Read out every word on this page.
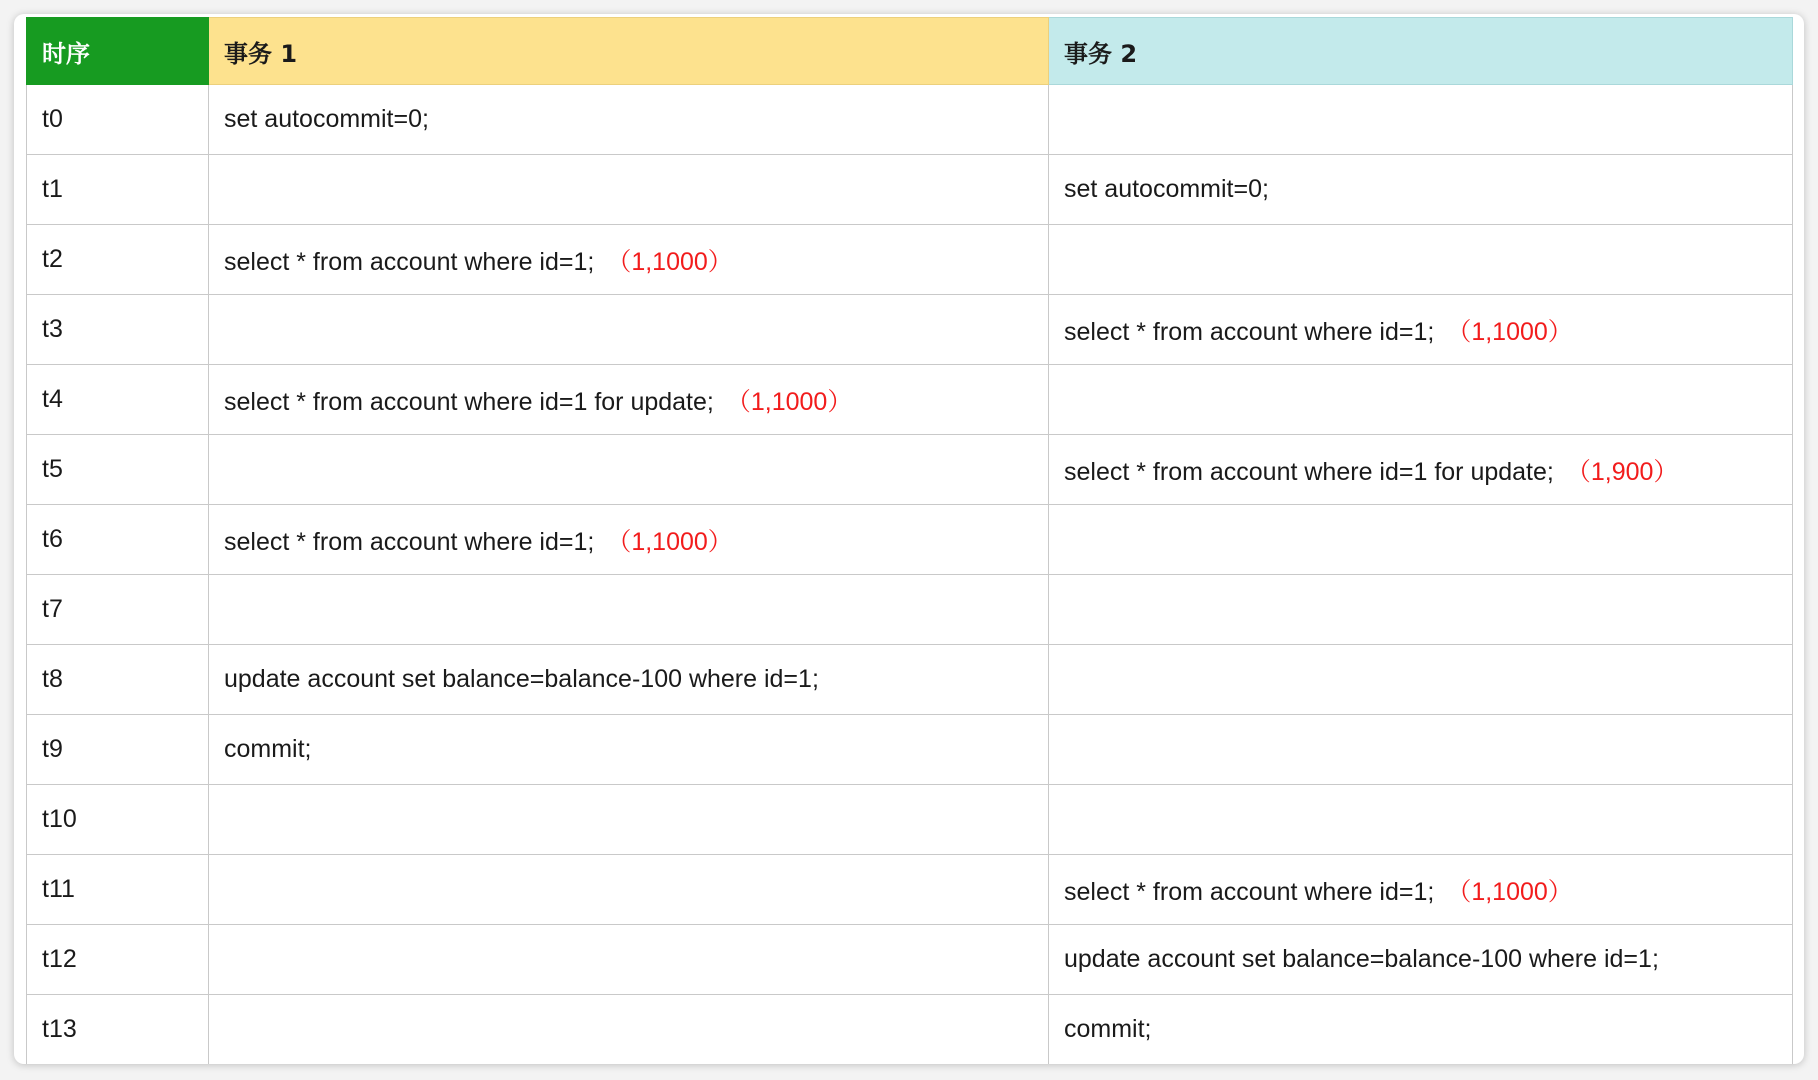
时序	事务 1	事务 2
t0	set autocommit=0;	
t1		set autocommit=0;
t2	select * from account where id=1; （1,1000）	
t3		select * from account where id=1; （1,1000）
t4	select * from account where id=1 for update; （1,1000）	
t5		select * from account where id=1 for update; （1,900）
t6	select * from account where id=1; （1,1000）	
t7		
t8	update account set balance=balance-100 where id=1;	
t9	commit;	
t10		
t11		select * from account where id=1; （1,1000）
t12		update account set balance=balance-100 where id=1;
t13		commit;
